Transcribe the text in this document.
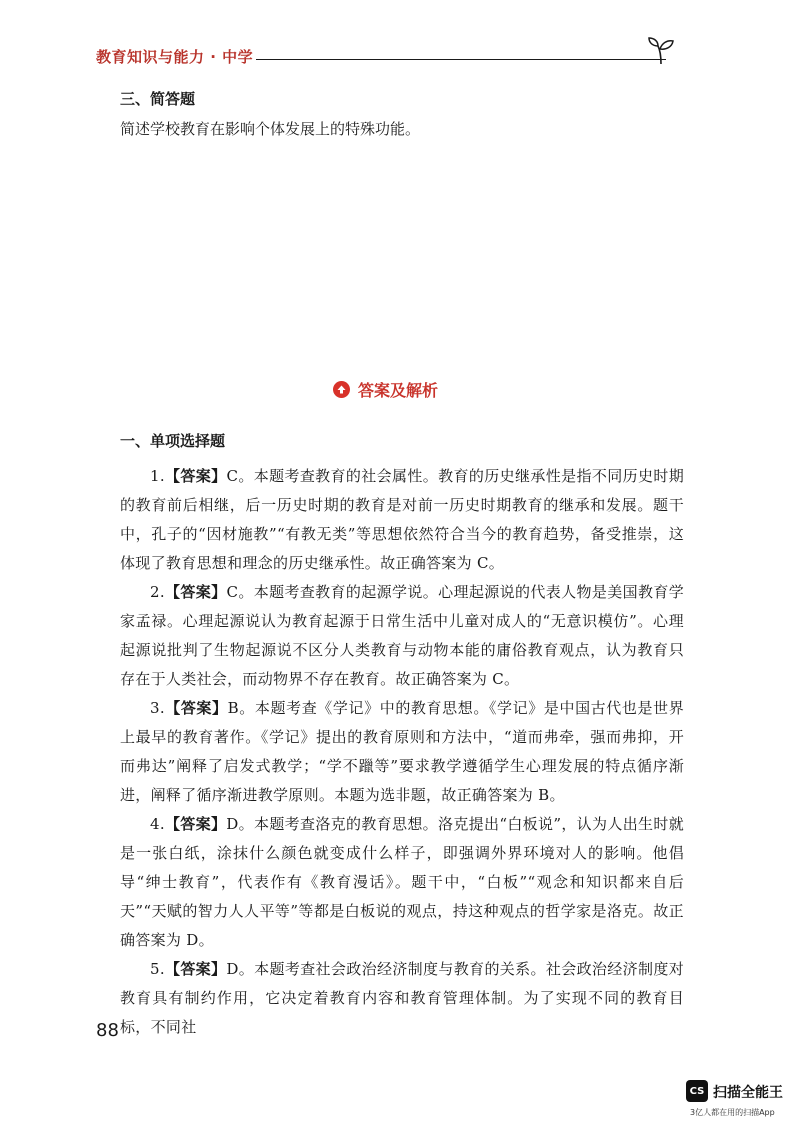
教育知识与能力 · 中学
三、简答题
简述学校教育在影响个体发展上的特殊功能。
答案及解析
一、单项选择题

1.【答案】C。本题考查教育的社会属性。教育的历史继承性是指不同历史时期的教育前后相继，后一历史时期的教育是对前一历史时期教育的继承和发展。题干中，孔子的“因材施教”“有教无类”等思想依然符合当今的教育趋势，备受推崇，这体现了教育思想和理念的历史继承性。故正确答案为 C。

2.【答案】C。本题考查教育的起源学说。心理起源说的代表人物是美国教育学家孟禄。心理起源说认为教育起源于日常生活中儿童对成人的“无意识模仿”。心理起源说批判了生物起源说不区分人类教育与动物本能的庸俗教育观点，认为教育只存在于人类社会，而动物界不存在教育。故正确答案为 C。

3.【答案】B。本题考查《学记》中的教育思想。《学记》是中国古代也是世界上最早的教育著作。《学记》提出的教育原则和方法中，“道而弗牵，强而弗抑，开而弗达”阐释了启发式教学；“学不躐等”要求教学遵循学生心理发展的特点循序渐进，阐释了循序渐进教学原则。本题为选非题，故正确答案为 B。

4.【答案】D。本题考查洛克的教育思想。洛克提出“白板说”，认为人出生时就是一张白纸，涂抹什么颜色就变成什么样子，即强调外界环境对人的影响。他倡导“绅士教育”，代表作有《教育漫话》。题干中，“白板”“观念和知识都来自后天”“天赋的智力人人平等”等都是白板说的观点，持这种观点的哲学家是洛克。故正确答案为 D。

5.【答案】D。本题考查社会政治经济制度与教育的关系。社会政治经济制度对教育具有制约作用，它决定着教育内容和教育管理体制。为了实现不同的教育目标，不同社

88
CS 扫描全能王
3亿人都在用的扫描App
